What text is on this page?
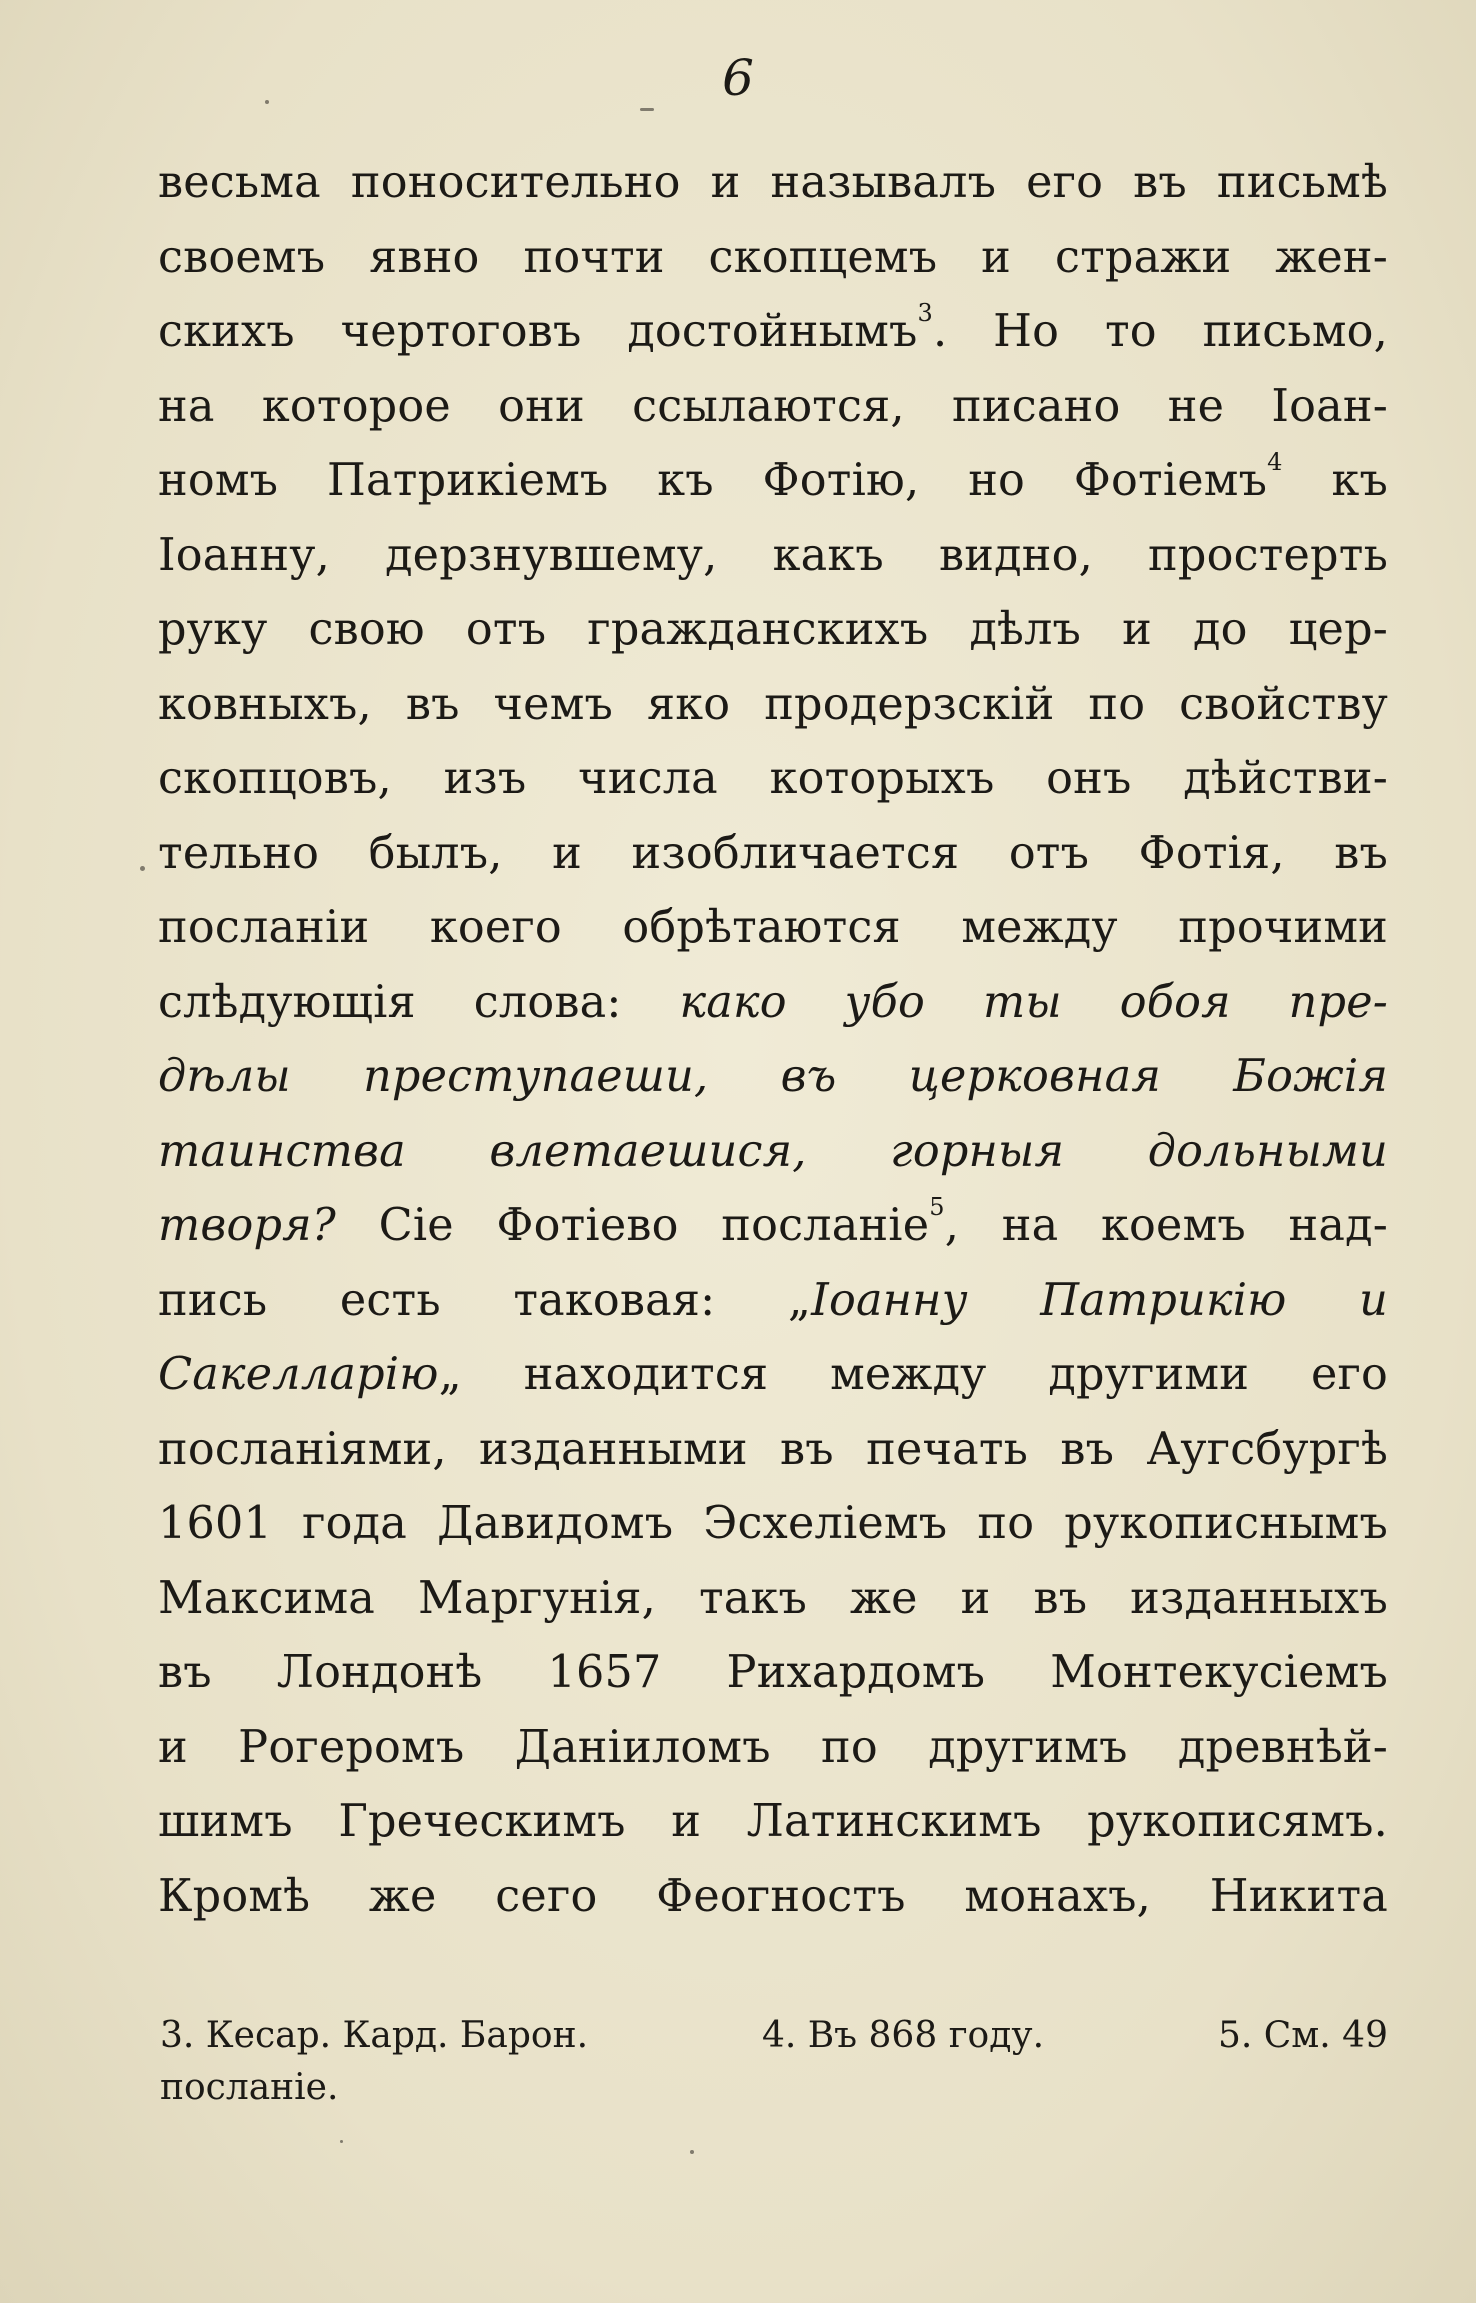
6
весьма поносительно и называлъ его въ письмѣ
своемъ явно почти скопцемъ и стражи жен-
скихъ чертоговъ достойнымъ$^3$. Но то письмо,
на которое они ссылаются, писано не Іоан-
номъ Патрикіемъ къ Фотію, но Фотіемъ$^4$ къ
Іоанну, дерзнувшему, какъ видно, простерть
руку свою отъ гражданскихъ дѣлъ и до цер-
ковныхъ, въ чемъ яко продерзскій по свойству
скопцовъ, изъ числа которыхъ онъ дѣйстви-
тельно былъ, и изобличается отъ Фотія, въ
посланіи коего обрѣтаются между прочими
слѣдующія слова: како убо ты обоя пре-
дѣлы преступаеши, въ церковная Божія
таинства влетаешися, горныя дольными
творя? Сіе Фотіево посланіе$^5$, на коемъ над-
пись есть таковая: „Іоанну Патрикію и
Сакелларію„ находится между другими его
посланіями, изданными въ печать въ Аугсбургѣ
1601 года Давидомъ Эсхеліемъ по рукописнымъ
Максима Маргунія, такъ же и въ изданныхъ
въ Лондонѣ 1657 Рихардомъ Монтекусіемъ
и Рогеромъ Даніиломъ по другимъ древнѣй-
шимъ Греческимъ и Латинскимъ рукописямъ.
Кромѣ же сего Феогностъ монахъ, Никита
3. Кесар. Кард. Барон.	4. Въ 868 году.	5. См. 49
посланіе.
